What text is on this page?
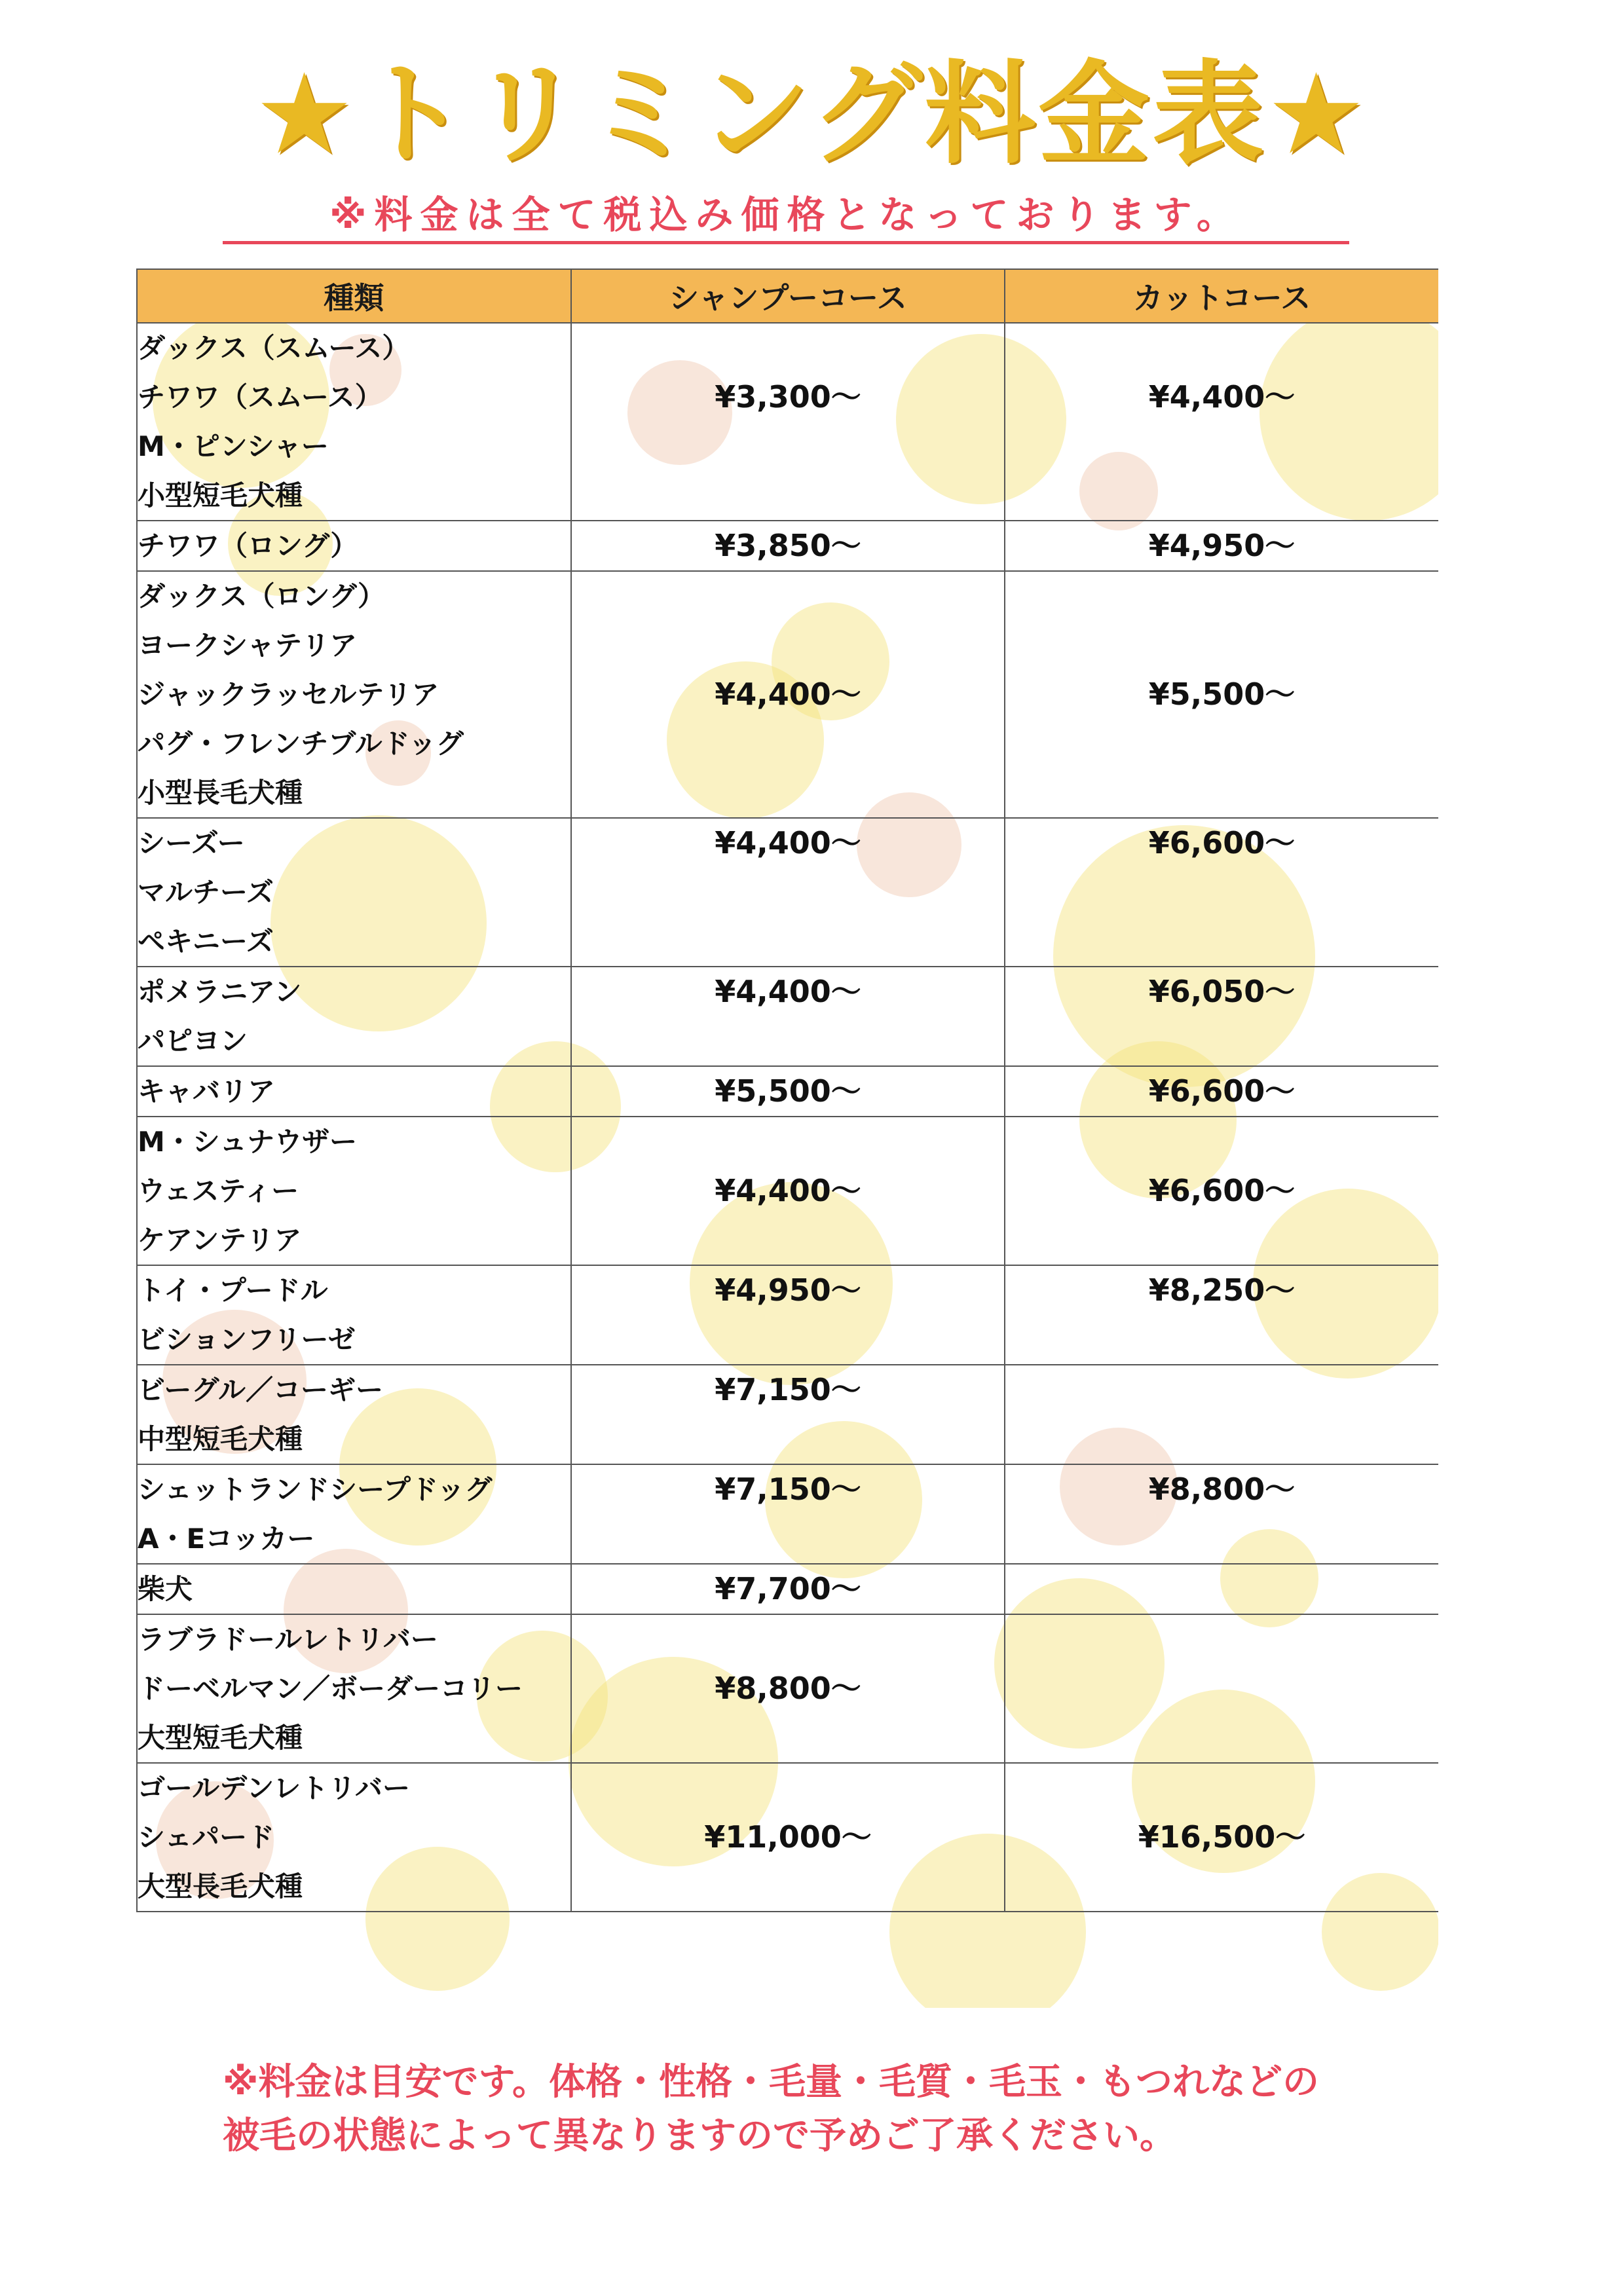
★トリミング料金表★
※料金は全て税込み価格となっております。
種類	シャンプーコース	カットコース

ダックス（スムース）
チワワ（スムース）
M・ピンシャー
小型短毛犬種	¥3,300～	¥4,400～

チワワ（ロング）	¥3,850～	¥4,950～

ダックス（ロング）
ヨークシャテリア
ジャックラッセルテリア
パグ・フレンチブルドッグ
小型長毛犬種	¥4,400～	¥5,500～

シーズー
マルチーズ
ペキニーズ	¥4,400～	¥6,600～

ポメラニアン
パピヨン	¥4,400～	¥6,050～

キャバリア	¥5,500～	¥6,600～

M・シュナウザー
ウェスティー
ケアンテリア	¥4,400～	¥6,600～

トイ・プードル
ビションフリーゼ	¥4,950～	¥8,250～

ビーグル／コーギー
中型短毛犬種	¥7,150～	

シェットランドシープドッグ
A・Eコッカー	¥7,150～	¥8,800～

柴犬	¥7,700～	

ラブラドールレトリバー
ドーベルマン／ボーダーコリー
大型短毛犬種	¥8,800～	

ゴールデンレトリバー
シェパード
大型長毛犬種	¥11,000～	¥16,500～
※料金は目安です。体格・性格・毛量・毛質・毛玉・もつれなどの
被毛の状態によって異なりますので予めご了承ください。
